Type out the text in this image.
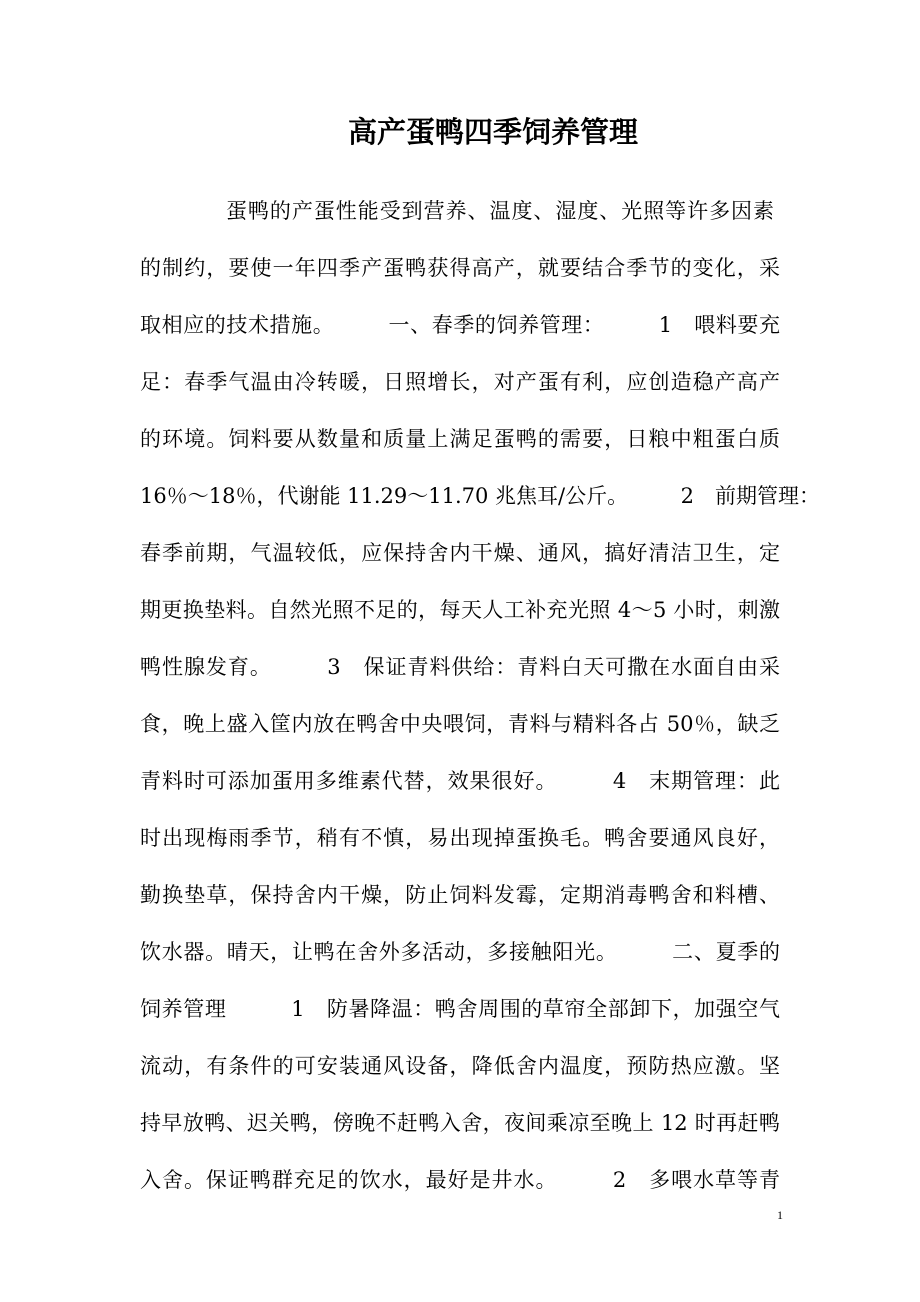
高产蛋鸭四季饲养管理
蛋鸭的产蛋性能受到营养、温度、湿度、光照等许多因素
的制约，要使一年四季产蛋鸭获得高产，就要结合季节的变化，采
取相应的技术措施。　　　一、春季的饲养管理：　　　1　喂料要充
足：春季气温由冷转暖，日照增长，对产蛋有利，应创造稳产高产
的环境。饲料要从数量和质量上满足蛋鸭的需要，日粮中粗蛋白质
16％～18％，代谢能 11.29～11.70 兆焦耳/公斤。　　　2　前期管理：
春季前期，气温较低，应保持舍内干燥、通风，搞好清洁卫生，定
期更换垫料。自然光照不足的，每天人工补充光照 4～5 小时，刺激
鸭性腺发育。　　　3　保证青料供给：青料白天可撒在水面自由采
食，晚上盛入筐内放在鸭舍中央喂饲，青料与精料各占 50％，缺乏
青料时可添加蛋用多维素代替，效果很好。　　　4　末期管理：此
时出现梅雨季节，稍有不慎，易出现掉蛋换毛。鸭舍要通风良好，
勤换垫草，保持舍内干燥，防止饲料发霉，定期消毒鸭舍和料槽、
饮水器。晴天，让鸭在舍外多活动，多接触阳光。　　　二、夏季的
饲养管理　　　1　防暑降温：鸭舍周围的草帘全部卸下，加强空气
流动，有条件的可安装通风设备，降低舍内温度，预防热应激。坚
持早放鸭、迟关鸭，傍晚不赶鸭入舍，夜间乘凉至晚上 12 时再赶鸭
入舍。保证鸭群充足的饮水，最好是井水。　　　2　多喂水草等青
1
